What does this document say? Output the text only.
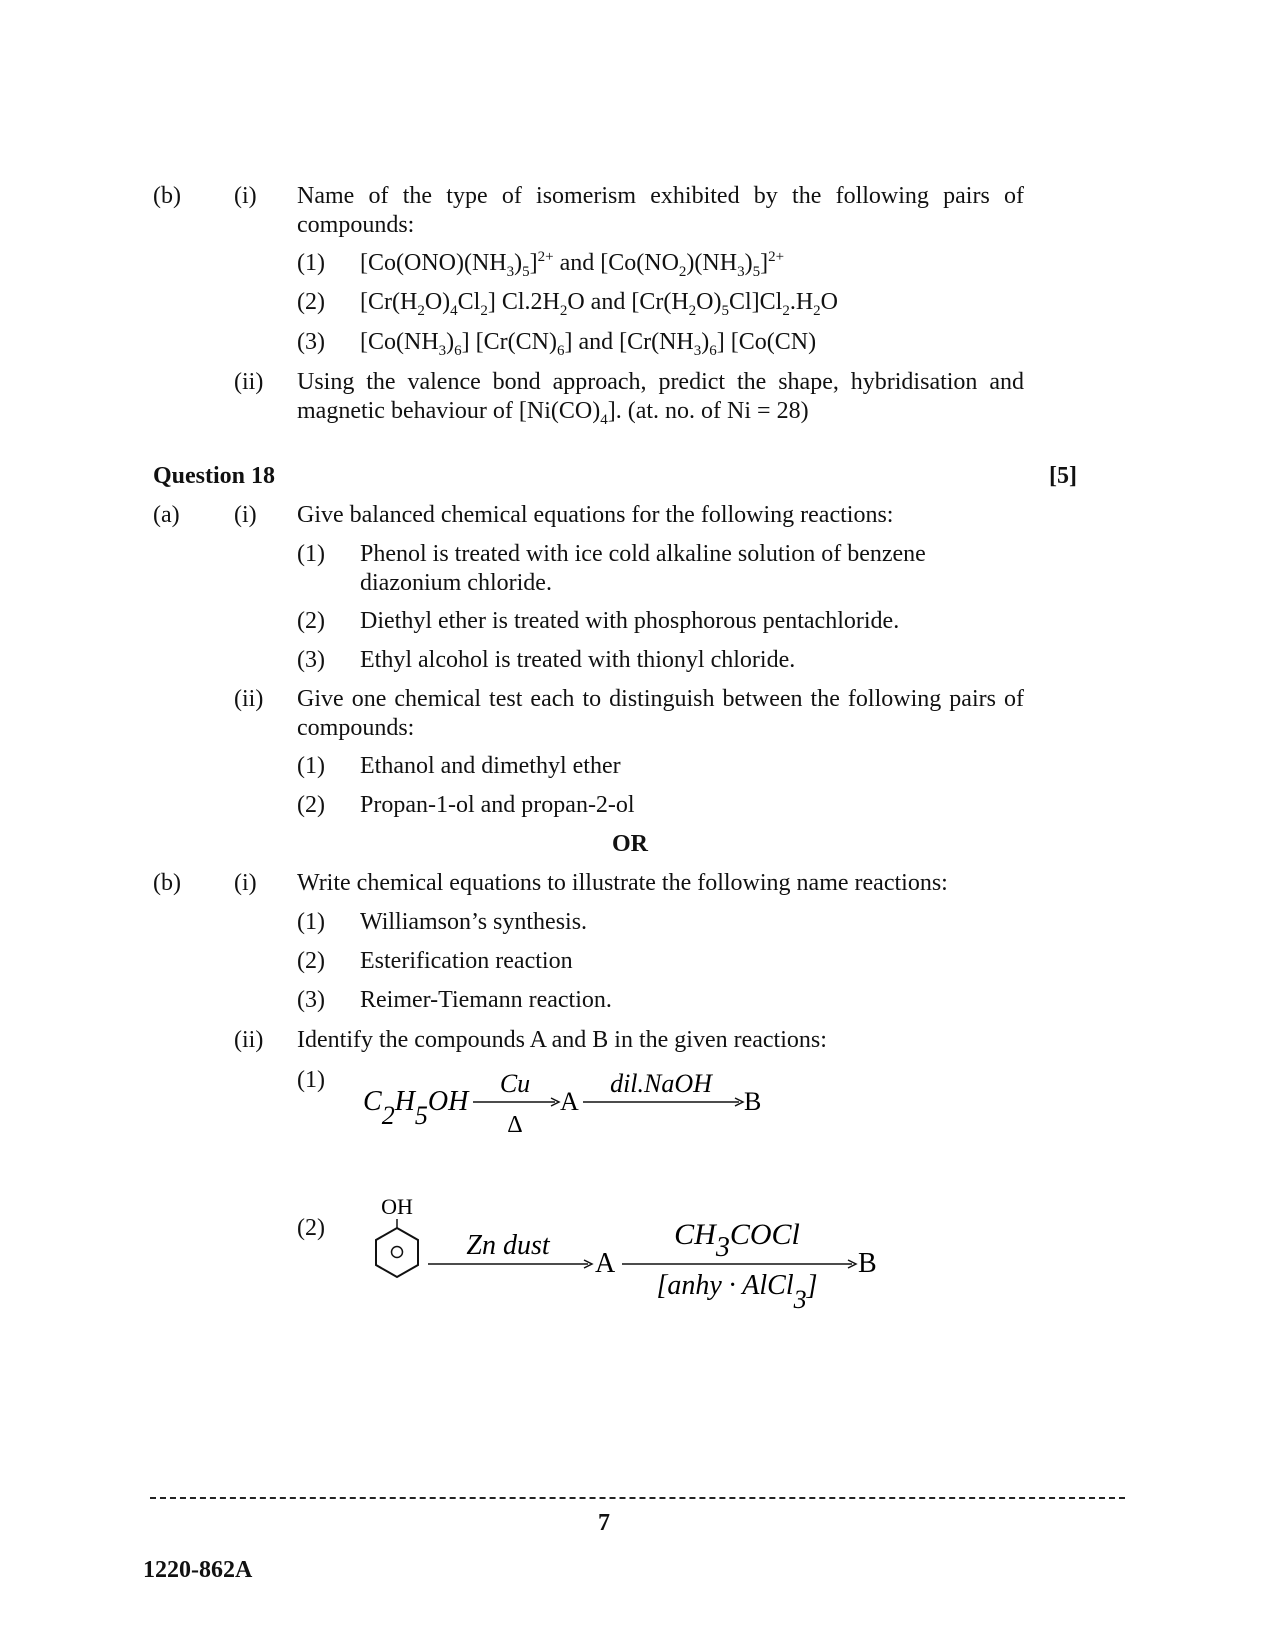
(b) (i) Name of the type of isomerism exhibited by the following pairs of compounds:
(1) $[Co(ONO)(NH_3)_5]^{2+}$ and $[Co(NO_2)(NH_3)_5]^{2+}$
(2) $[Cr(H_2O)_4Cl_2]$ $Cl.2H_2O$ and $[Cr(H_2O)_5Cl]Cl_2.H_2O$
(3) $[Co(NH_3)_6]$ $[Cr(CN)_6]$ and $[Cr(NH_3)_6]$ [Co(CN)
(ii) Using the valence bond approach, predict the shape, hybridisation and magnetic behaviour of $[Ni(CO)_4]$. (at. no. of Ni = 28)
Question 18	[5]
(a) (i) Give balanced chemical equations for the following reactions:
(1) Phenol is treated with ice cold alkaline solution of benzene diazonium chloride.
(2) Diethyl ether is treated with phosphorous pentachloride.
(3) Ethyl alcohol is treated with thionyl chloride.
(ii) Give one chemical test each to distinguish between the following pairs of compounds:
(1) Ethanol and dimethyl ether
(2) Propan-1-ol and propan-2-ol
OR
(b) (i) Write chemical equations to illustrate the following name reactions:
(1) Williamson’s synthesis.
(2) Esterification reaction
(3) Reimer-Tiemann reaction.
(ii) Identify the compounds A and B in the given reactions:
(1)
C2H5OH
Cu
Δ
A
dil.NaOH
B
(2)
OH
Zn dust
A
CH3COCl
[anhy · AlCl3]
B
7
1220-862A
